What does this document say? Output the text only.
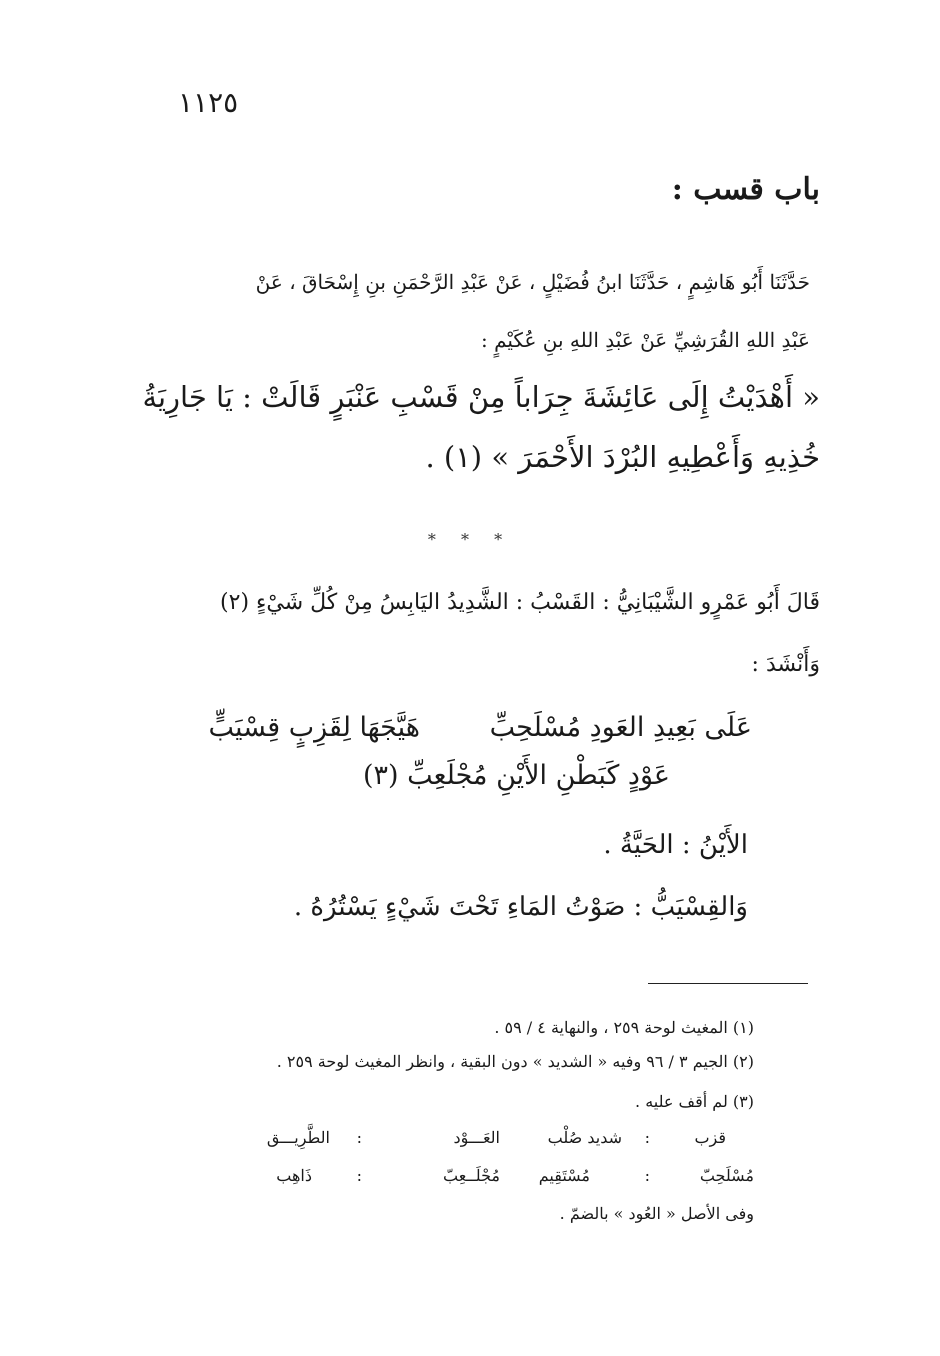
١١٢٥
باب قسب :
حَدَّثَنَا أَبُو هَاشِمٍ ، حَدَّثَنَا ابنُ فُضَيْلٍ ، عَنْ عَبْدِ الرَّحْمَنِ بنِ إِسْحَاقَ ، عَنْ
عَبْدِ اللهِ القُرَشِيِّ عَنْ عَبْدِ اللهِ بنِ عُكَيْمٍ :
« أَهْدَيْتُ إِلَى عَائِشَةَ جِرَاباً مِنْ قَسْبِ عَنْبَرٍ قَالَتْ : يَا جَارِيَةُ
خُذِيهِ وَأَعْطِيهِ البُرْدَ الأَحْمَرَ » (١) .
* * *
قَالَ أَبُو عَمْرٍو الشَّيْبَانِيُّ : القَسْبُ : الشَّدِيدُ اليَابِسُ مِنْ كُلِّ شَيْءٍ (٢)
وَأَنْشَدَ :
هَيَّجَهَا لِقَزِبٍ قِسْيَبٍّ	عَلَى بَعِيدِ العَودِ مُسْلَحِبِّ
عَوْدٍ كَبَطْنِ الأَيْنِ مُجْلَعِبِّ (٣)
الأَيْنُ : الحَيَّةُ .
وَالقِسْيَبُّ : صَوْتُ المَاءِ تَحْتَ شَيْءٍ يَسْتُرُهُ .
(١) المغيث لوحة ٢٥٩ ، والنهاية ٤ / ٥٩ .
(٢) الجيم ٣ / ٩٦ وفيه « الشديد » دون البقية ، وانظر المغيث لوحة ٢٥٩ .
(٣) لم أقف عليه .
قزب
:
شديد صُلْب
العَـــوْد
:
الطَّرِيـــق
مُسْلَحِبّ
:
مُسْتَقِيم
مُجْلَــعِبّ
:
ذَاهِب
وفى الأصل « العُود » بالضمّ .
